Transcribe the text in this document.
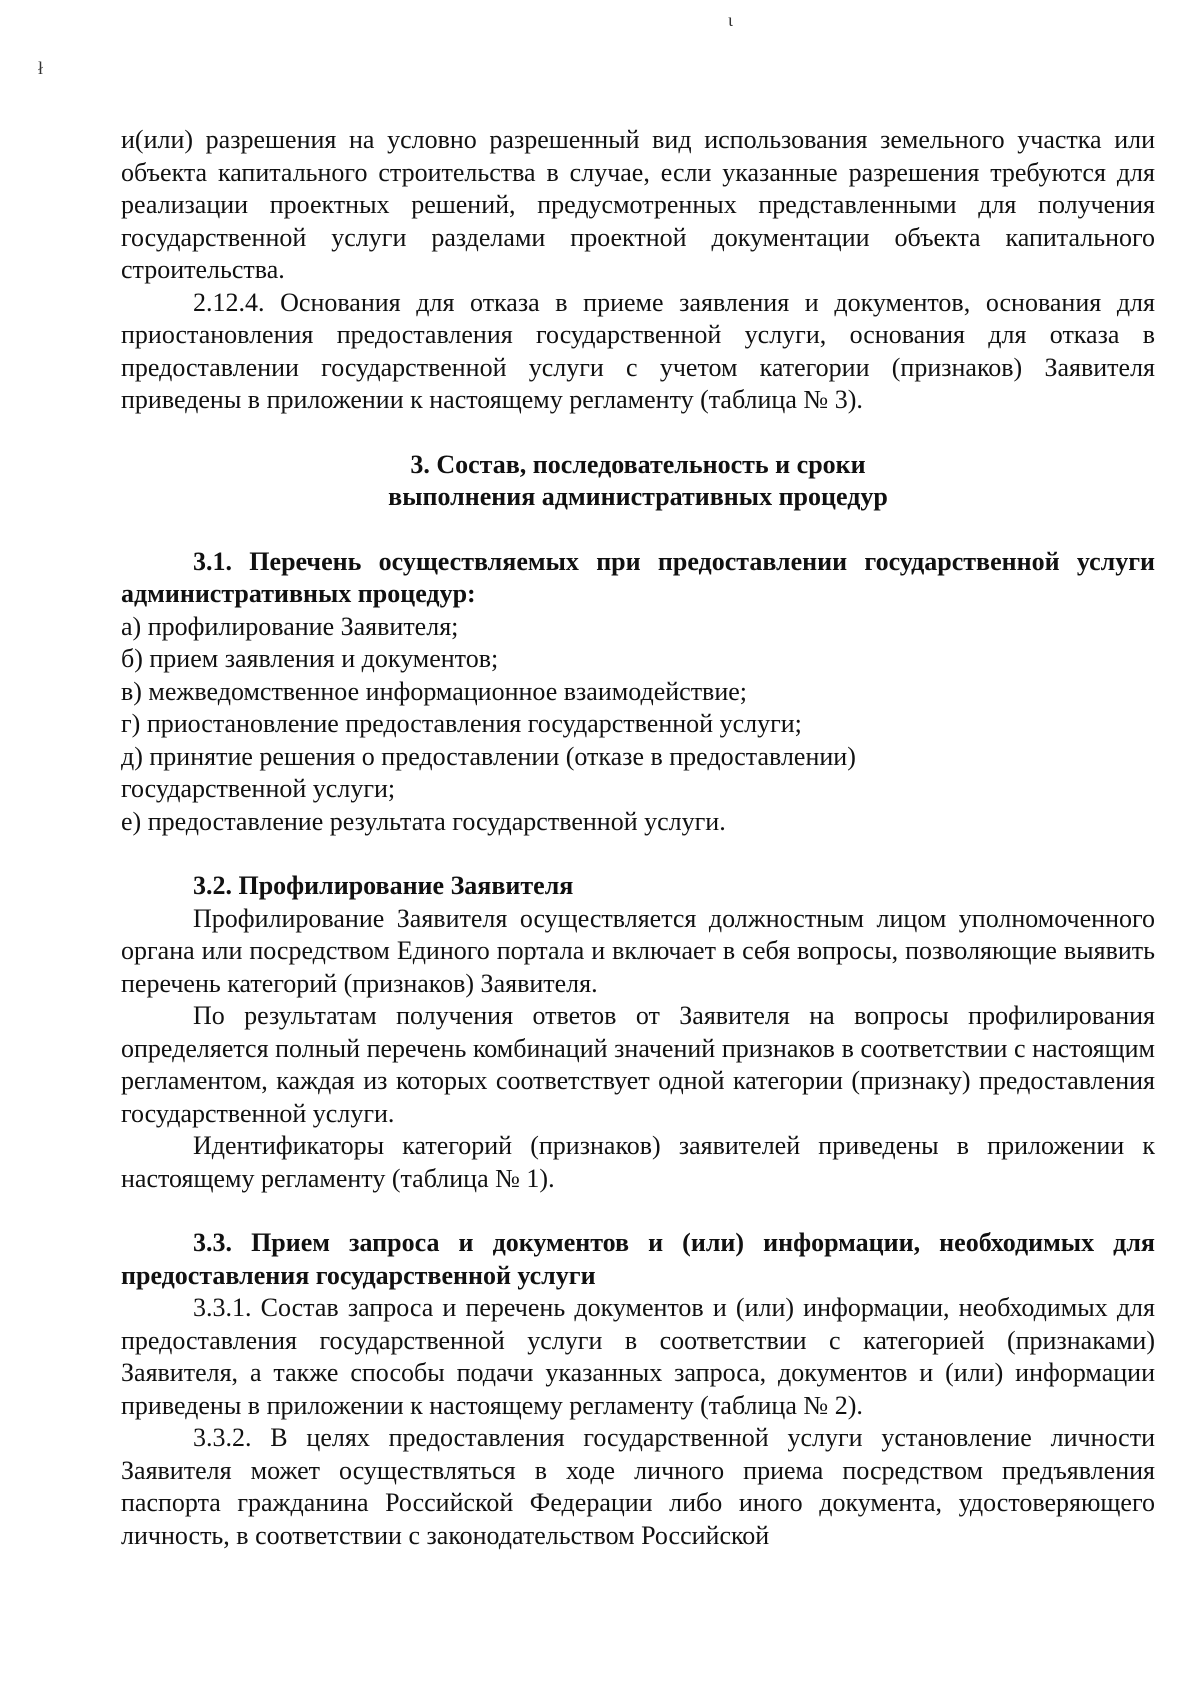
ι
ł

и(или) разрешения на условно разрешенный вид использования земельного участка или объекта капитального строительства в случае, если указанные разрешения требуются для реализации проектных решений, предусмотренных представленными для получения государственной услуги разделами проектной документации объекта капитального строительства.

2.12.4. Основания для отказа в приеме заявления и документов, основания для приостановления предоставления государственной услуги, основания для отказа в предоставлении государственной услуги с учетом категории (признаков) Заявителя приведены в приложении к настоящему регламенту (таблица № 3).

3. Состав, последовательность и сроки
выполнения административных процедур

3.1. Перечень осуществляемых при предоставлении государственной услуги административных процедур:

а) профилирование Заявителя;

б) прием заявления и документов;

в) межведомственное информационное взаимодействие;

г) приостановление предоставления государственной услуги;

д) принятие решения о предоставлении (отказе в предоставлении)

государственной услуги;

е) предоставление результата государственной услуги.

3.2. Профилирование Заявителя

Профилирование Заявителя осуществляется должностным лицом уполномоченного органа или посредством Единого портала и включает в себя вопросы, позволяющие выявить перечень категорий (признаков) Заявителя.

По результатам получения ответов от Заявителя на вопросы профилирования определяется полный перечень комбинаций значений признаков в соответствии с настоящим регламентом, каждая из которых соответствует одной категории (признаку) предоставления государственной услуги.

Идентификаторы категорий (признаков) заявителей приведены в приложении к настоящему регламенту (таблица № 1).

3.3. Прием запроса и документов и (или) информации, необходимых для предоставления государственной услуги

3.3.1. Состав запроса и перечень документов и (или) информации, необходимых для предоставления государственной услуги в соответствии с категорией (признаками) Заявителя, а также способы подачи указанных запроса, документов и (или) информации приведены в приложении к настоящему регламенту (таблица № 2).

3.3.2. В целях предоставления государственной услуги установление личности Заявителя может осуществляться в ходе личного приема посредством предъявления паспорта гражданина Российской Федерации либо иного документа, удостоверяющего личность, в соответствии с законодательством Российской
